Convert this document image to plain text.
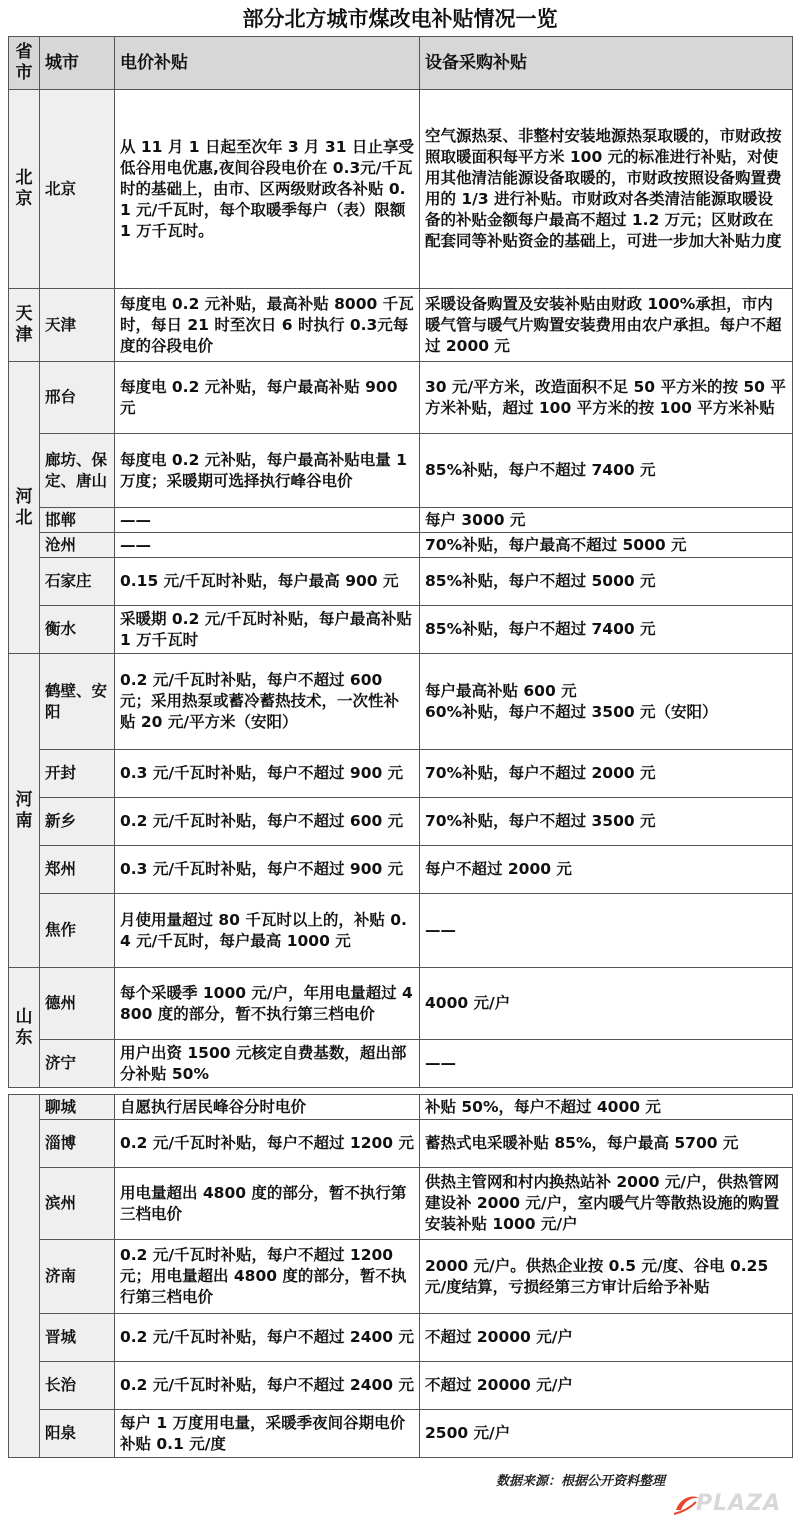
部分北方城市煤改电补贴情况一览
省市	城市	电价补贴	设备采购补贴
北京	北京	从 11 月 1 日起至次年 3 月 31 日止享受低谷用电优惠,夜间谷段电价在 0.3元/千瓦时的基础上，由市、区两级财政各补贴 0.1 元/千瓦时，每个取暖季每户（表）限额 1 万千瓦时。	空气源热泵、非整村安装地源热泵取暖的，市财政按照取暖面积每平方米 100 元的标准进行补贴，对使用其他清洁能源设备取暖的，市财政按照设备购置费用的 1/3 进行补贴。市财政对各类清洁能源取暖设备的补贴金额每户最高不超过 1.2 万元；区财政在配套同等补贴资金的基础上，可进一步加大补贴力度
天津	天津	每度电 0.2 元补贴，最高补贴 8000 千瓦时，每日 21 时至次日 6 时执行 0.3元每度的谷段电价	采暖设备购置及安装补贴由财政 100%承担，市内暖气管与暖气片购置安装费用由农户承担。每户不超过 2000 元
河北	邢台	每度电 0.2 元补贴，每户最高补贴 900 元	30 元/平方米，改造面积不足 50 平方米的按 50 平方米补贴，超过 100 平方米的按 100 平方米补贴
	廊坊、保定、唐山	每度电 0.2 元补贴，每户最高补贴电量 1 万度；采暖期可选择执行峰谷电价	85%补贴，每户不超过 7400 元
	邯郸	——	每户 3000 元
	沧州	——	70%补贴，每户最高不超过 5000 元
	石家庄	0.15 元/千瓦时补贴，每户最高 900 元	85%补贴，每户不超过 5000 元
	衡水	采暖期 0.2 元/千瓦时补贴，每户最高补贴 1 万千瓦时	85%补贴，每户不超过 7400 元
河南	鹤壁、安阳	0.2 元/千瓦时补贴，每户不超过 600 元；采用热泵或蓄冷蓄热技术，一次性补贴 20 元/平方米（安阳）	每户最高补贴 600 元
60%补贴，每户不超过 3500 元（安阳）
	开封	0.3 元/千瓦时补贴，每户不超过 900 元	70%补贴，每户不超过 2000 元
	新乡	0.2 元/千瓦时补贴，每户不超过 600 元	70%补贴，每户不超过 3500 元
	郑州	0.3 元/千瓦时补贴，每户不超过 900 元	每户不超过 2000 元
	焦作	月使用量超过 80 千瓦时以上的，补贴 0.4 元/千瓦时，每户最高 1000 元	——
山东	德州	每个采暖季 1000 元/户，年用电量超过 4800 度的部分，暂不执行第三档电价	4000 元/户
	济宁	用户出资 1500 元核定自费基数，超出部分补贴 50%	——

	聊城	自愿执行居民峰谷分时电价	补贴 50%，每户不超过 4000 元
	淄博	0.2 元/千瓦时补贴，每户不超过 1200 元	蓄热式电采暖补贴 85%，每户最高 5700 元
	滨州	用电量超出 4800 度的部分，暂不执行第三档电价	供热主管网和村内换热站补 2000 元/户，供热管网建设补 2000 元/户，室内暖气片等散热设施的购置安装补贴 1000 元/户
	济南	0.2 元/千瓦时补贴，每户不超过 1200 元；用电量超出 4800 度的部分，暂不执行第三档电价	2000 元/户。供热企业按 0.5 元/度、谷电 0.25 元/度结算，亏损经第三方审计后给予补贴
	晋城	0.2 元/千瓦时补贴，每户不超过 2400 元	不超过 20000 元/户
	长治	0.2 元/千瓦时补贴，每户不超过 2400 元	不超过 20000 元/户
	阳泉	每户 1 万度用电量，采暖季夜间谷期电价补贴 0.1 元/度	2500 元/户
数据来源：根据公开资料整理
PLAZA
